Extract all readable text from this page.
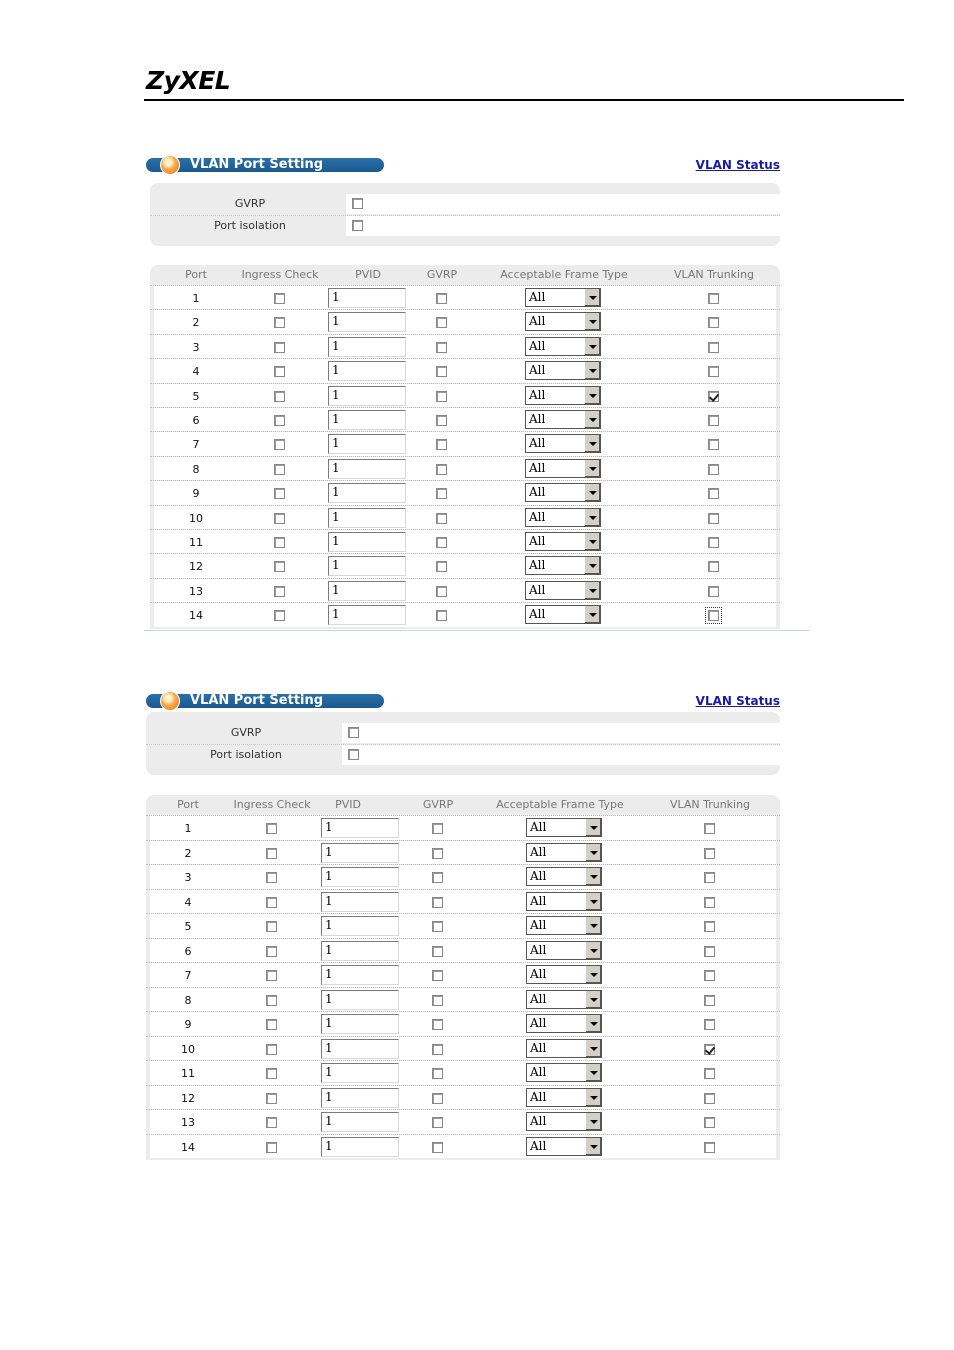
ZyXEL
VLAN Port Setting	VLAN Status
GVRP
Port isolation
Port	Ingress Check	PVID	GVRP	Acceptable Frame Type	VLAN Trunking
1	1	All
2	1	All
3	1	All
4	1	All
5	1	All
6	1	All
7	1	All
8	1	All
9	1	All
10	1	All
11	1	All
12	1	All
13	1	All
14	1	All
VLAN Port Setting	VLAN Status
GVRP
Port isolation
Port	Ingress Check	PVID	GVRP	Acceptable Frame Type	VLAN Trunking
1	1	All
2	1	All
3	1	All
4	1	All
5	1	All
6	1	All
7	1	All
8	1	All
9	1	All
10	1	All
11	1	All
12	1	All
13	1	All
14	1	All
